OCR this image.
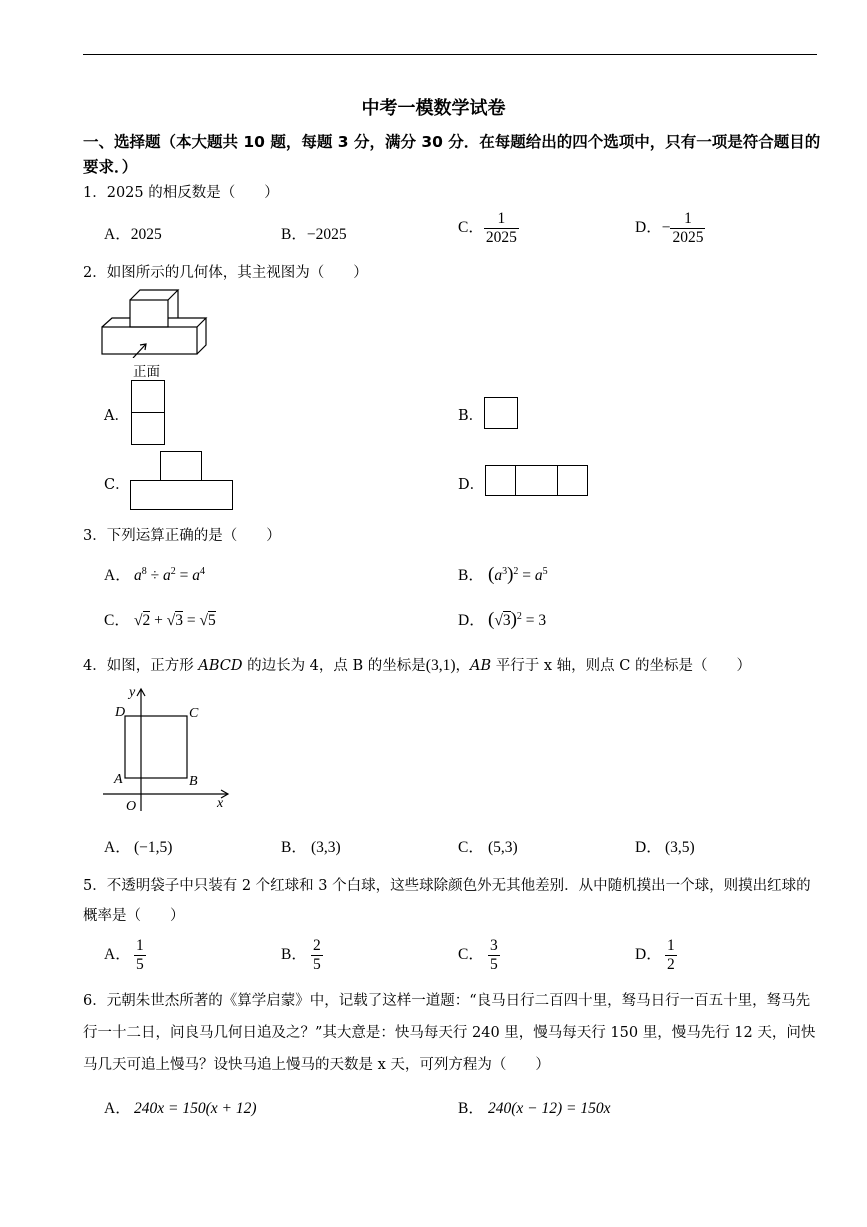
中考一模数学试卷
一、选择题（本大题共 10 题，每题 3 分，满分 30 分．在每题给出的四个选项中，只有一项是符合题目的要求．）
1．2025 的相反数是（　　）
A．2025	B．−2025	C． $\frac{1}{2025}$	D．− $\frac{1}{2025}$
2．如图所示的几何体，其主视图为（　　）
正面
A．	B．
C．	D．
3．下列运算正确的是（　　）
A． $a^8 \div a^2 = a^4$	B． $(a^3)^2 = a^5$
C． √2 + √3 = √5	D． $(√3)^2 = 3$
4．如图，正方形 ABCD 的边长为 4，点 B 的坐标是(3,1)，AB 平行于 x 轴，则点 C 的坐标是（　　）
y
x
O
A	B
C
D
A． (−1,5)	B． (3,3)	C． (5,3)	D． (3,5)
5．不透明袋子中只装有 2 个红球和 3 个白球，这些球除颜色外无其他差别．从中随机摸出一个球，则摸出红球的概率是（　　）
A． $\frac{1}{5}$	B． $\frac{2}{5}$	C． $\frac{3}{5}$	D． $\frac{1}{2}$
6．元朝朱世杰所著的《算学启蒙》中，记载了这样一道题：“良马日行二百四十里，驽马日行一百五十里，驽马先行一十二日，问良马几何日追及之？”其大意是：快马每天行 240 里，慢马每天行 150 里，慢马先行 12 天，问快马几天可追上慢马？设快马追上慢马的天数是 x 天，可列方程为（　　）
A． 240x = 150(x + 12)	B． 240(x − 12) = 150x
